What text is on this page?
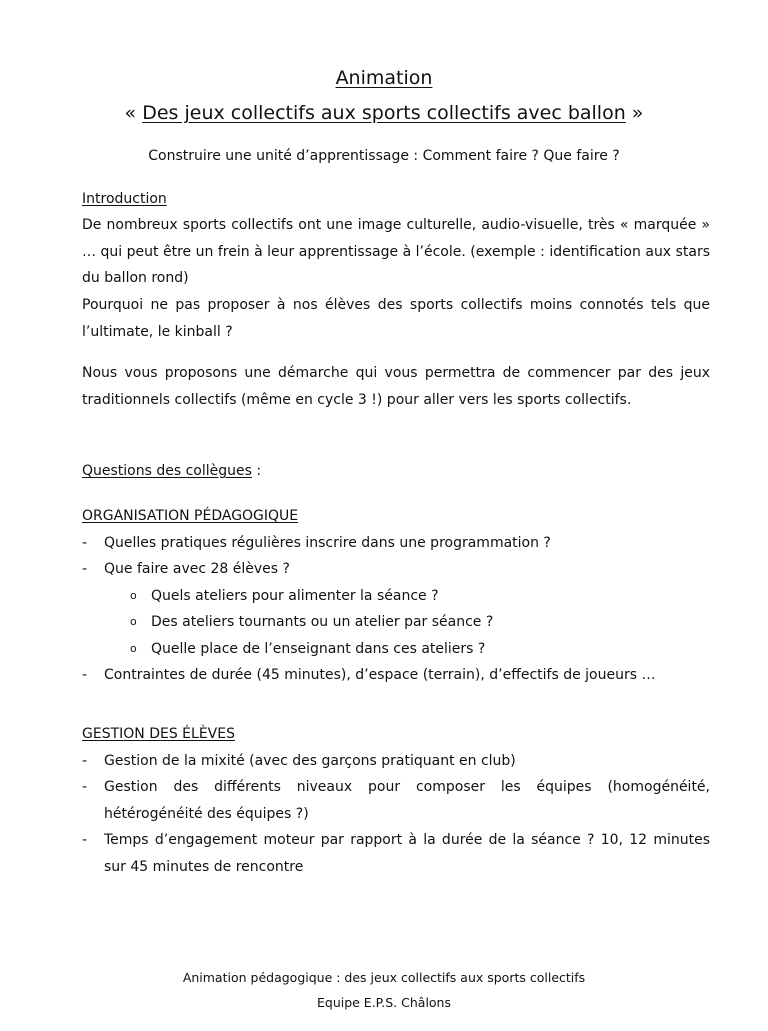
Animation
« Des jeux collectifs aux sports collectifs avec ballon »
Construire une unité d’apprentissage : Comment faire ? Que faire ?
Introduction
De nombreux sports collectifs ont une image culturelle, audio-visuelle, très « marquée » … qui peut être un frein à leur apprentissage à l’école. (exemple : identification aux stars du ballon rond)
Pourquoi ne pas proposer à nos élèves des sports collectifs moins connotés tels que l’ultimate, le kinball ?
Nous vous proposons une démarche qui vous permettra de commencer par des jeux traditionnels collectifs (même en cycle 3 !) pour aller vers les sports collectifs.
Questions des collègues :
ORGANISATION PÉDAGOGIQUE
- Quelles pratiques régulières inscrire dans une programmation ?
- Que faire avec 28 élèves ?
o Quels ateliers pour alimenter la séance ?
o Des ateliers tournants ou un atelier par séance ?
o Quelle place de l’enseignant dans ces ateliers ?
- Contraintes de durée (45 minutes), d’espace (terrain), d’effectifs de joueurs …
GESTION DES ÉLÈVES
- Gestion de la mixité (avec des garçons pratiquant en club)
- Gestion des différents niveaux pour composer les équipes (homogénéité, hétérogénéité des équipes ?)
- Temps d’engagement moteur par rapport à la durée de la séance ? 10, 12 minutes sur 45 minutes de rencontre
Animation pédagogique : des jeux collectifs aux sports collectifs
Equipe E.P.S. Châlons
